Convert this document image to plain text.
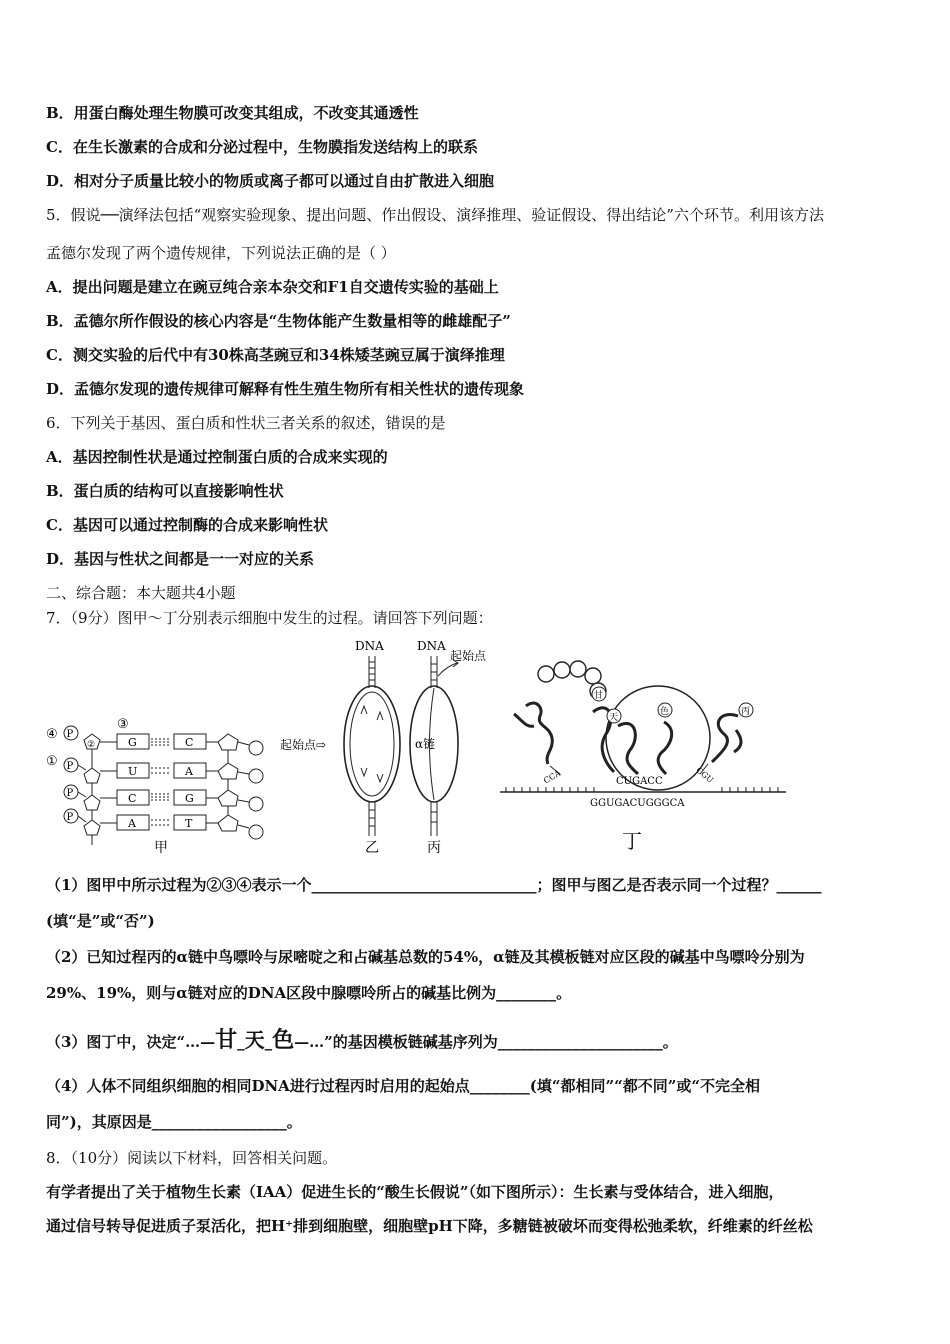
B．用蛋白酶处理生物膜可改变其组成，不改变其通透性
C．在生长激素的合成和分泌过程中，生物膜指发送结构上的联系
D．相对分子质量比较小的物质或离子都可以通过自由扩散进入细胞
5．假说──演绎法包括“观察实验现象、提出问题、作出假设、演绎推理、验证假设、得出结论”六个环节。利用该方法
孟德尔发现了两个遗传规律，下列说法正确的是（ ）
A．提出问题是建立在豌豆纯合亲本杂交和F1自交遗传实验的基础上
B．孟德尔所作假设的核心内容是“生物体能产生数量相等的雌雄配子”
C．测交实验的后代中有30株高茎豌豆和34株矮茎豌豆属于演绎推理
D．孟德尔发现的遗传规律可解释有性生殖生物所有相关性状的遗传现象
6．下列关于基因、蛋白质和性状三者关系的叙述，错误的是
A．基因控制性状是通过控制蛋白质的合成来实现的
B．蛋白质的结构可以直接影响性状
C．基因可以通过控制酶的合成来影响性状
D．基因与性状之间都是一一对应的关系
二、综合题：本大题共4小题
7．（9分）图甲～丁分别表示细胞中发生的过程。请回答下列问题：
③
④ P
②
①
G	C
P	U	A
P	C	G
P	A	T
甲
DNA	DNA
起始点
起始点⇨	α链
乙	丙
甘
天
色
CCA
丙
CGU
CUGACC
GGUGACUGGGCA
丁
（1）图甲中所示过程为②③④表示一个______________________________；图甲与图乙是否表示同一个过程？______
(填“是”或“否”)
（2）已知过程丙的α链中鸟嘌呤与尿嘧啶之和占碱基总数的54%，α链及其模板链对应区段的碱基中鸟嘌呤分别为
29%、19%，则与α链对应的DNA区段中腺嘌呤所占的碱基比例为________。
（3）图丁中，决定“…—甘_天_色—…”的基因模板链碱基序列为______________________。
（4）人体不同组织细胞的相同DNA进行过程丙时启用的起始点________(填“都相同”“都不同”或“不完全相
同”)，其原因是__________________。
8．（10分）阅读以下材料，回答相关问题。
有学者提出了关于植物生长素（IAA）促进生长的“酸生长假说”（如下图所示）：生长素与受体结合，进入细胞，
通过信号转导促进质子泵活化，把H⁺排到细胞壁，细胞壁pH下降，多糖链被破坏而变得松弛柔软，纤维素的纤丝松
